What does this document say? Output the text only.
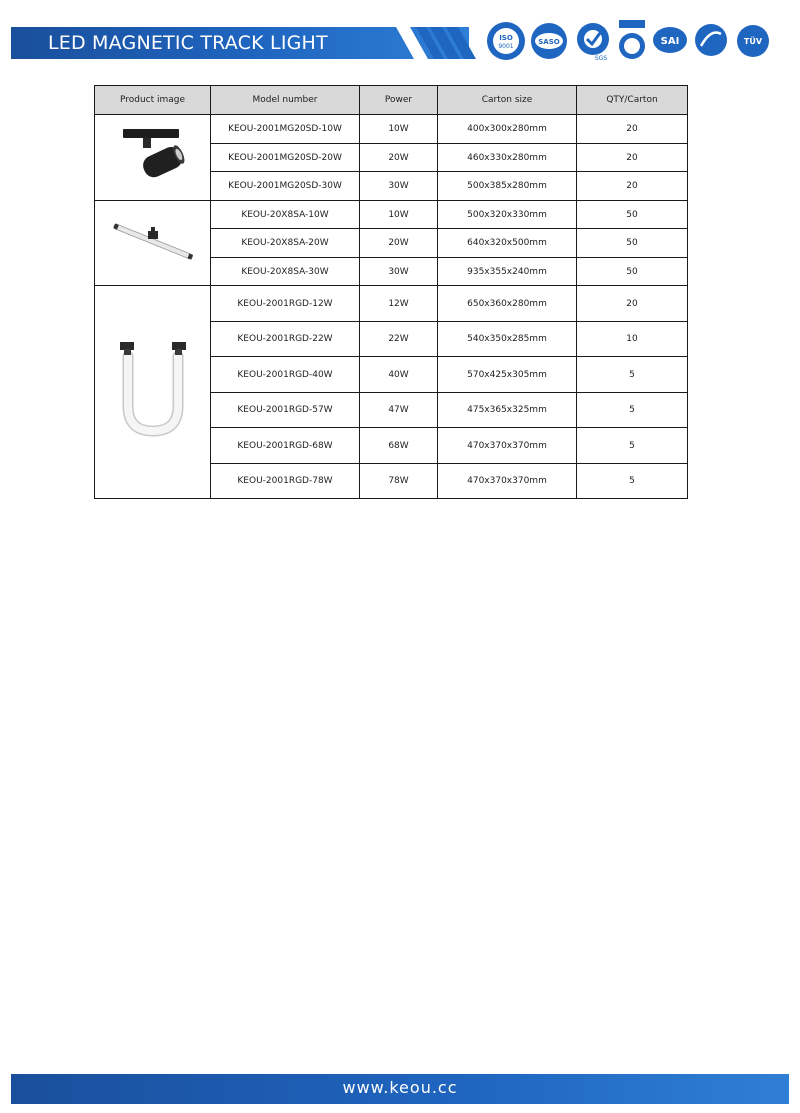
LED MAGNETIC TRACK LIGHT	ISO
9001
SASO
SGS
SAI	TÜV
Product image	Model number	Power	Carton size	QTY/Carton
	KEOU-2001MG20SD-10W	10W	400x300x280mm	20
	KEOU-2001MG20SD-20W	20W	460x330x280mm	20
	KEOU-2001MG20SD-30W	30W	500x385x280mm	20
	KEOU-20X8SA-10W	10W	500x320x330mm	50
	KEOU-20X8SA-20W	20W	640x320x500mm	50
	KEOU-20X8SA-30W	30W	935x355x240mm	50
	KEOU-2001RGD-12W	12W	650x360x280mm	20
	KEOU-2001RGD-22W	22W	540x350x285mm	10
	KEOU-2001RGD-40W	40W	570x425x305mm	5
	KEOU-2001RGD-57W	47W	475x365x325mm	5
	KEOU-2001RGD-68W	68W	470x370x370mm	5
	KEOU-2001RGD-78W	78W	470x370x370mm	5
www.keou.cc
